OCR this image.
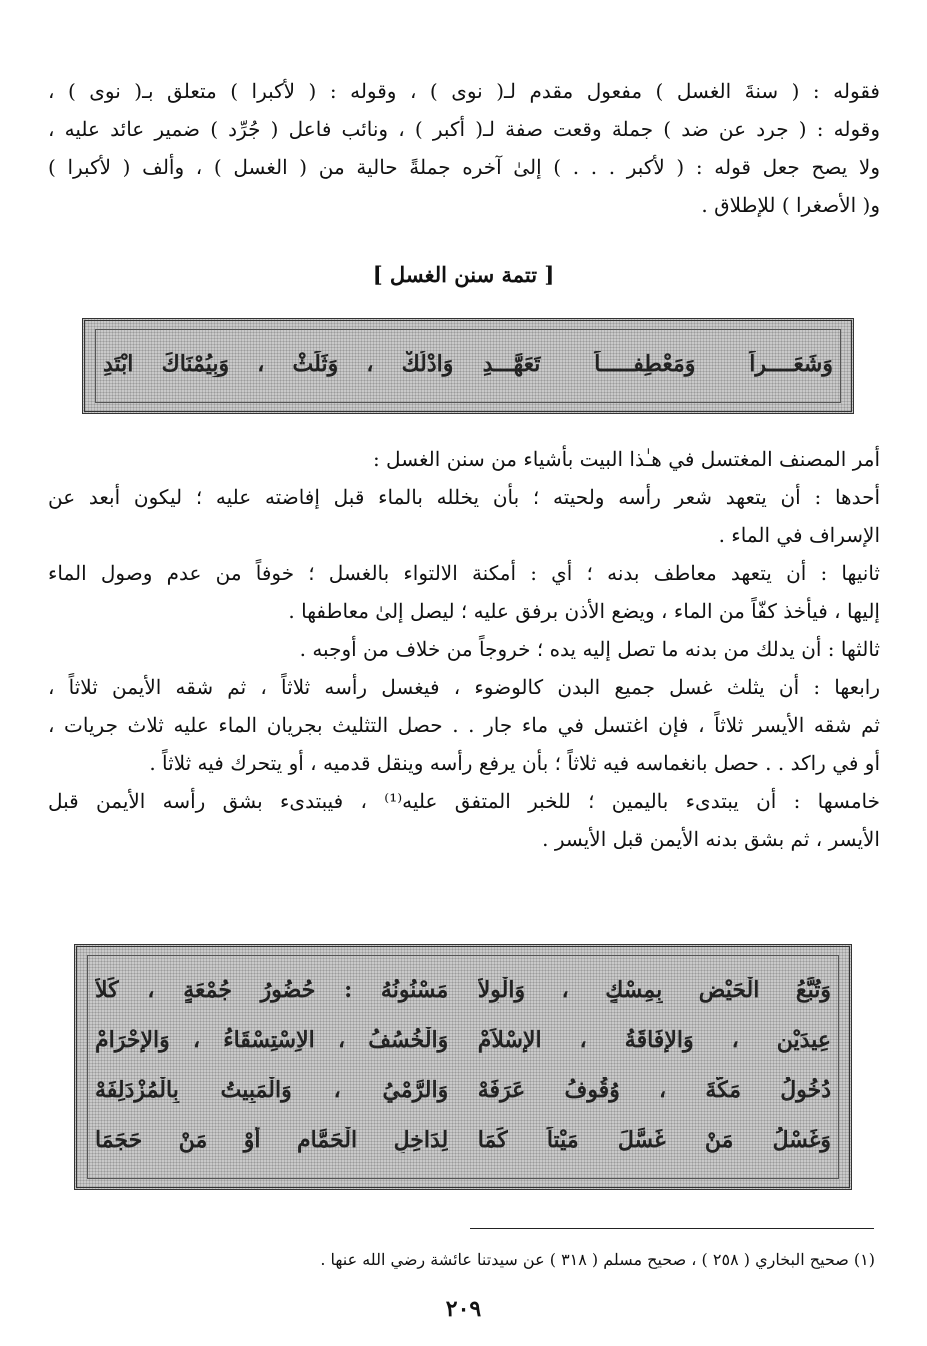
فقوله : ( سنةَ الغسل ) مفعول مقدم لـ( نوى ) ، وقوله : ( لأكبرا ) متعلق بـ( نوى ) ،
وقوله : ( جرد عن ضد ) جملة وقعت صفة لـ( أكبر ) ، ونائب فاعل ( جُرِّد ) ضمير عائد عليه ،
ولا يصح جعل قوله : ( لأكبر . . . ) إلىٰ آخره جملةً حالية من ( الغسل ) ، وألف ( لأكبرا )
و( الأصغرا ) للإطلاق .
[ تتمة سنن الغسل ]
وَشَعَــــراً وَمَعْطِفـــــاً تَعَهَّـــدِ
وَادْلُكْ ، وَثَلِّثْ ، وَبِيُمْنَاكَ ابْتَدِ
أمر المصنف المغتسل في هـٰذا البيت بأشياء من سنن الغسل :
أحدها : أن يتعهد شعر رأسه ولحيته ؛ بأن يخلله بالماء قبل إفاضته عليه ؛ ليكون أبعد عن
الإسراف في الماء .
ثانيها : أن يتعهد معاطف بدنه ؛ أي : أمكنة الالتواء بالغسل ؛ خوفاً من عدم وصول الماء
إليها ، فيأخذ كفّاً من الماء ، ويضع الأذن برفق عليه ؛ ليصل إلىٰ معاطفها .
ثالثها : أن يدلك من بدنه ما تصل إليه يده ؛ خروجاً من خلاف من أوجبه .
رابعها : أن يثلث غسل جميع البدن كالوضوء ، فيغسل رأسه ثلاثاً ، ثم شقه الأيمن ثلاثاً ،
ثم شقه الأيسر ثلاثاً ، فإن اغتسل في ماء جار . . حصل التثليث بجريان الماء عليه ثلاث جريات ،
أو في راكد . . حصل بانغماسه فيه ثلاثاً ؛ بأن يرفع رأسه وينقل قدميه ، أو يتحرك فيه ثلاثاً .
خامسها : أن يبتدىء باليمين ؛ للخبر المتفق عليه⁽¹⁾ ، فيبتدىء بشق رأسه الأيمن قبل
الأيسر ، ثم بشق بدنه الأيمن قبل الأيسر .
وَتُبَّعُ الْحَيْضِ بِمِسْكٍ ، وَالْوِلاَ
مَسْنُونُهُ : حُضُورُ جُمْعَةٍ ، كَلاَ
عِيدَيْنِ ، وَالإِفَاقَةُ ، الإِسْلاَمْ
وَالْخُسُفُ ، الاِسْتِسْقَاءُ ، وَالإِحْرَامْ
دُخُولُ مَكَّةَ ، وُقُوفُ عَرَفَهْ
وَالرَّمْيُ ، وَالْمَبِيتُ بِالْمُزْدَلِفَهْ
وَغَسْلُ مَنْ غَسَّلَ مَيْتاً كَمَا
لِدَاخِلِ الْحَمَّامِ أَوْ مَنْ حَجَمَا
(١) صحيح البخاري ( ٢٥٨ ) ، صحيح مسلم ( ٣١٨ ) عن سيدتنا عائشة رضي الله عنها .
٢٠٩
